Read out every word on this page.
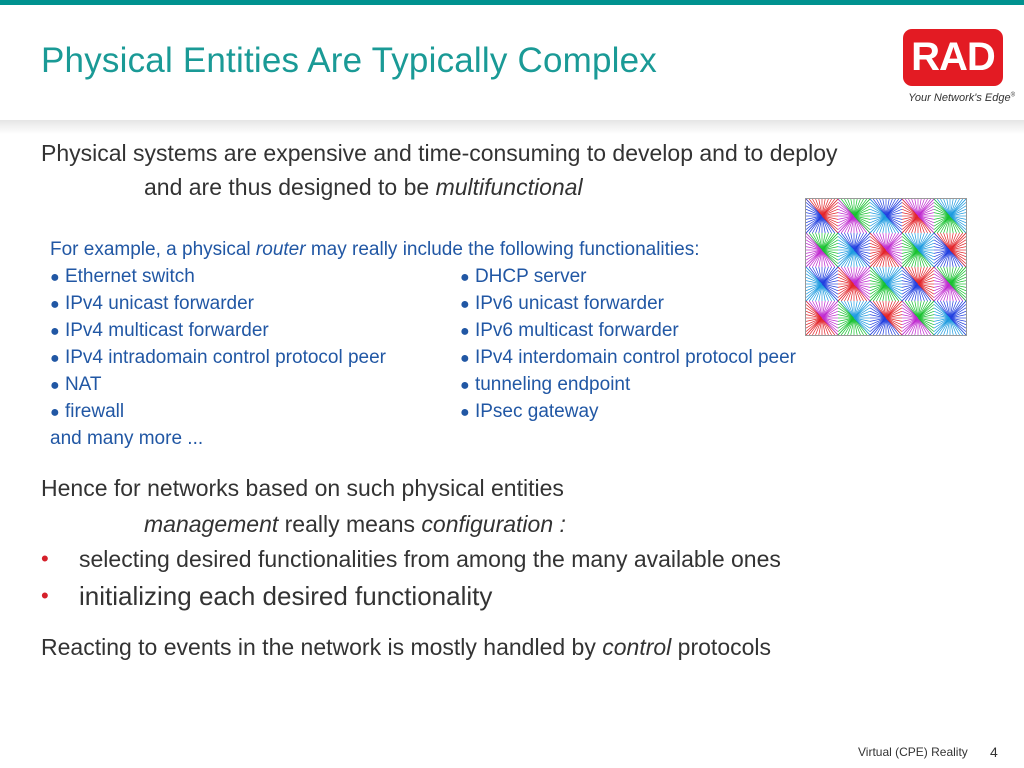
Physical Entities Are Typically Complex	RAD
Your Network's Edge®
Physical systems are expensive and time-consuming to develop and to deploy
and are thus designed to be multifunctional
For example, a physical router may really include the following functionalities:
● Ethernet switch
● IPv4 unicast forwarder
● IPv4 multicast forwarder
● IPv4 intradomain control protocol peer
● NAT
● firewall
● DHCP server
● IPv6 unicast forwarder
● IPv6 multicast forwarder
● IPv4 interdomain control protocol peer
● tunneling endpoint
● IPsec gateway
and many more ...
Hence for networks based on such physical entities
management really means configuration :
• selecting desired functionalities from among the many available ones
• initializing each desired functionality
Reacting to events in the network is mostly handled by control protocols
Virtual (CPE) Reality 4
